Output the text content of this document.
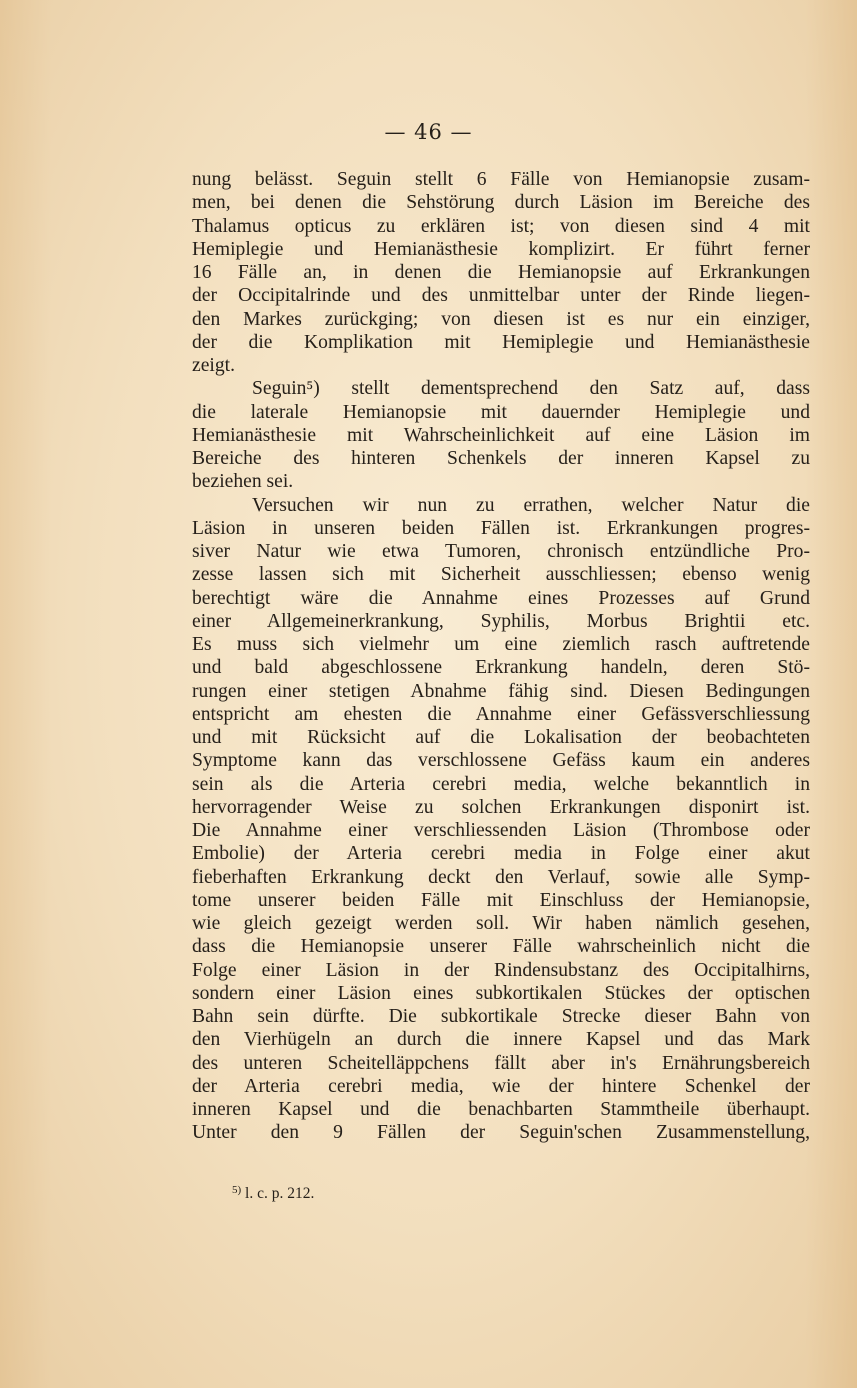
— 46 —
nung belässt. Seguin stellt 6 Fälle von Hemianopsie zusam-
men, bei denen die Sehstörung durch Läsion im Bereiche des
Thalamus opticus zu erklären ist; von diesen sind 4 mit
Hemiplegie und Hemianästhesie komplizirt. Er führt ferner
16 Fälle an, in denen die Hemianopsie auf Erkrankungen
der Occipitalrinde und des unmittelbar unter der Rinde liegen-
den Markes zurückging; von diesen ist es nur ein einziger,
der die Komplikation mit Hemiplegie und Hemianästhesie
zeigt.
Seguin⁵) stellt dementsprechend den Satz auf, dass
die laterale Hemianopsie mit dauernder Hemiplegie und
Hemianästhesie mit Wahrscheinlichkeit auf eine Läsion im
Bereiche des hinteren Schenkels der inneren Kapsel zu
beziehen sei.
Versuchen wir nun zu errathen, welcher Natur die
Läsion in unseren beiden Fällen ist. Erkrankungen progres-
siver Natur wie etwa Tumoren, chronisch entzündliche Pro-
zesse lassen sich mit Sicherheit ausschliessen; ebenso wenig
berechtigt wäre die Annahme eines Prozesses auf Grund
einer Allgemeinerkrankung, Syphilis, Morbus Brightii etc.
Es muss sich vielmehr um eine ziemlich rasch auftretende
und bald abgeschlossene Erkrankung handeln, deren Stö-
rungen einer stetigen Abnahme fähig sind. Diesen Bedingungen
entspricht am ehesten die Annahme einer Gefässverschliessung
und mit Rücksicht auf die Lokalisation der beobachteten
Symptome kann das verschlossene Gefäss kaum ein anderes
sein als die Arteria cerebri media, welche bekanntlich in
hervorragender Weise zu solchen Erkrankungen disponirt ist.
Die Annahme einer verschliessenden Läsion (Thrombose oder
Embolie) der Arteria cerebri media in Folge einer akut
fieberhaften Erkrankung deckt den Verlauf, sowie alle Symp-
tome unserer beiden Fälle mit Einschluss der Hemianopsie,
wie gleich gezeigt werden soll. Wir haben nämlich gesehen,
dass die Hemianopsie unserer Fälle wahrscheinlich nicht die
Folge einer Läsion in der Rindensubstanz des Occipitalhirns,
sondern einer Läsion eines subkortikalen Stückes der optischen
Bahn sein dürfte. Die subkortikale Strecke dieser Bahn von
den Vierhügeln an durch die innere Kapsel und das Mark
des unteren Scheitelläppchens fällt aber in's Ernährungsbereich
der Arteria cerebri media, wie der hintere Schenkel der
inneren Kapsel und die benachbarten Stammtheile überhaupt.
Unter den 9 Fällen der Seguin'schen Zusammenstellung,
$^{5)}$ l. c. p. 212.
